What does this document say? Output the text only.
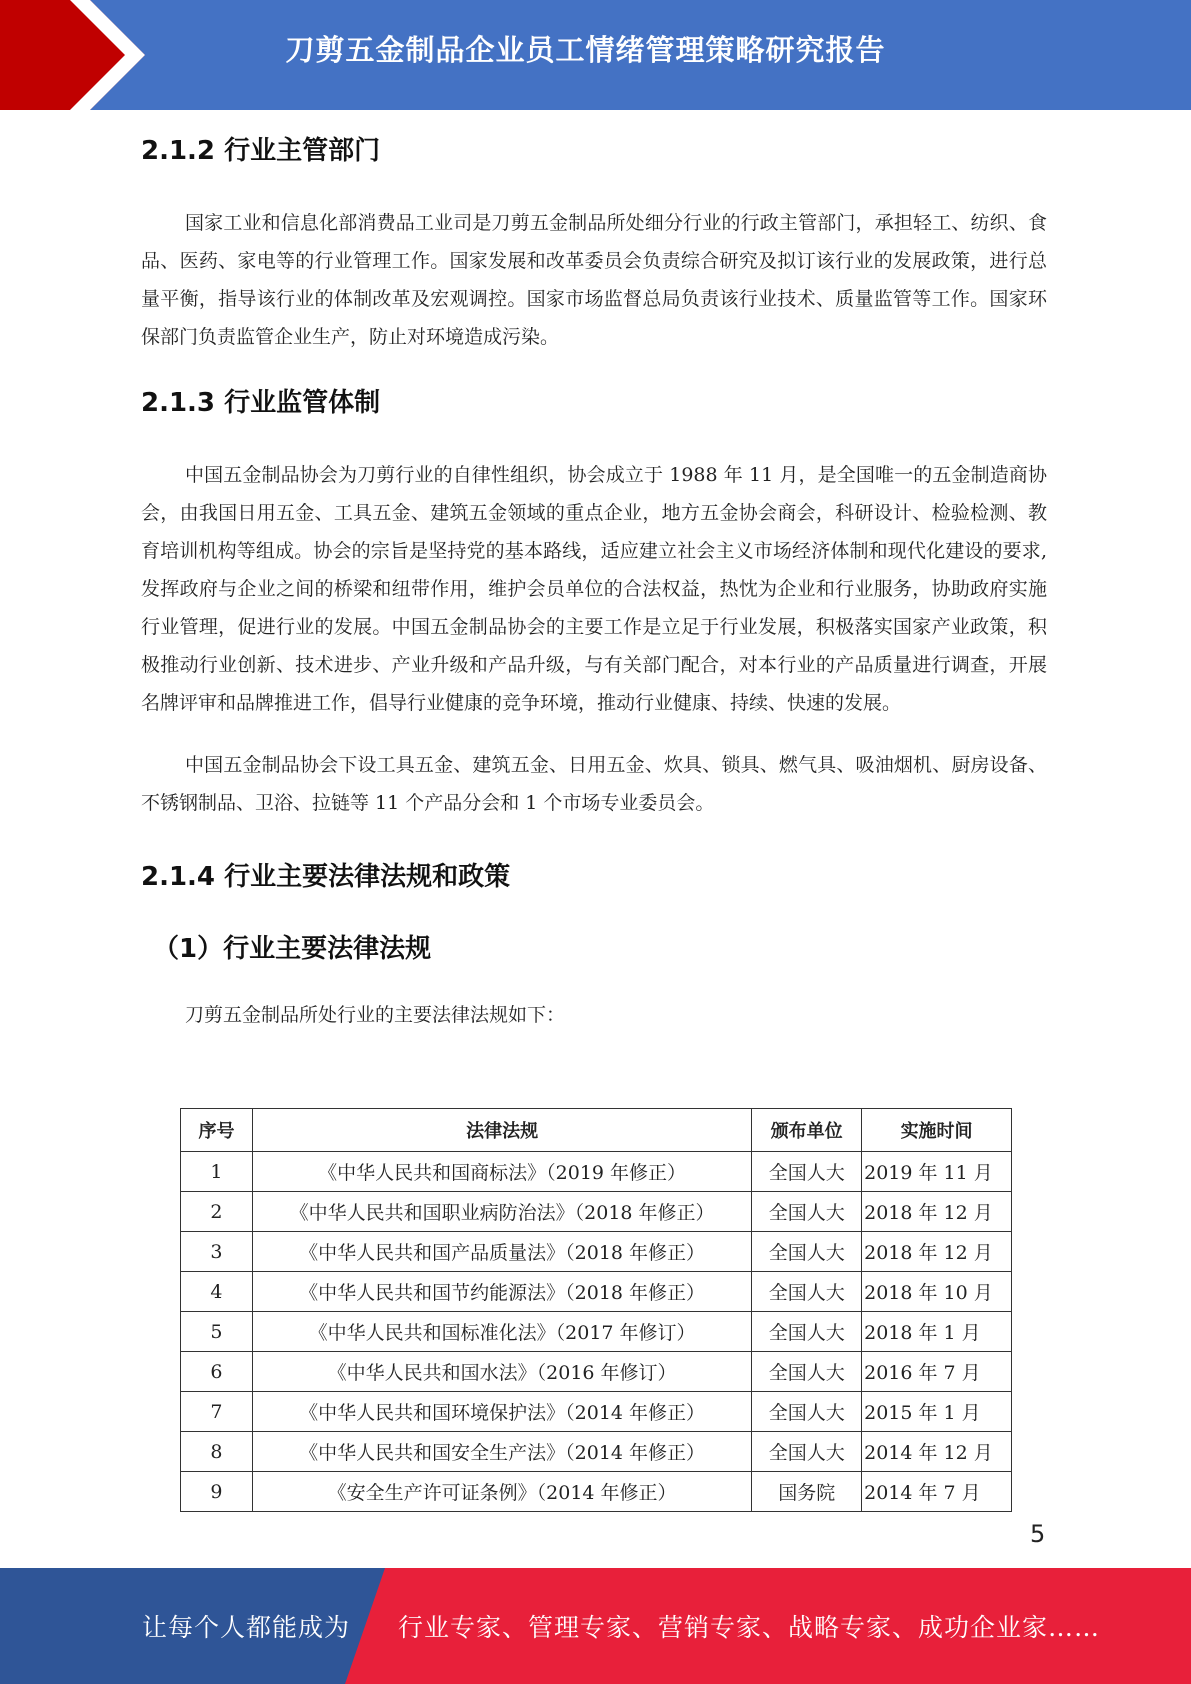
刀剪五金制品企业员工情绪管理策略研究报告
2.1.2 行业主管部门

国家工业和信息化部消费品工业司是刀剪五金制品所处细分行业的行政主管部门，承担轻工、纺织、食品、医药、家电等的行业管理工作。国家发展和改革委员会负责综合研究及拟订该行业的发展政策，进行总量平衡，指导该行业的体制改革及宏观调控。国家市场监督总局负责该行业技术、质量监管等工作。国家环保部门负责监管企业生产，防止对环境造成污染。

2.1.3 行业监管体制

中国五金制品协会为刀剪行业的自律性组织，协会成立于 1988 年 11 月，是全国唯一的五金制造商协会，由我国日用五金、工具五金、建筑五金领域的重点企业，地方五金协会商会，科研设计、检验检测、教育培训机构等组成。协会的宗旨是坚持党的基本路线，适应建立社会主义市场经济体制和现代化建设的要求,发挥政府与企业之间的桥梁和纽带作用，维护会员单位的合法权益，热忱为企业和行业服务，协助政府实施行业管理，促进行业的发展。中国五金制品协会的主要工作是立足于行业发展，积极落实国家产业政策，积极推动行业创新、技术进步、产业升级和产品升级，与有关部门配合，对本行业的产品质量进行调查，开展名牌评审和品牌推进工作，倡导行业健康的竞争环境，推动行业健康、持续、快速的发展。

中国五金制品协会下设工具五金、建筑五金、日用五金、炊具、锁具、燃气具、吸油烟机、厨房设备、不锈钢制品、卫浴、拉链等 11 个产品分会和 1 个市场专业委员会。

2.1.4 行业主要法律法规和政策
（1）行业主要法律法规

刀剪五金制品所处行业的主要法律法规如下：

序号	法律法规	颁布单位	实施时间
1	《中华人民共和国商标法》（2019 年修正）	全国人大	2019 年 11 月
2	《中华人民共和国职业病防治法》（2018 年修正）	全国人大	2018 年 12 月
3	《中华人民共和国产品质量法》（2018 年修正）	全国人大	2018 年 12 月
4	《中华人民共和国节约能源法》（2018 年修正）	全国人大	2018 年 10 月
5	《中华人民共和国标准化法》（2017 年修订）	全国人大	2018 年 1 月
6	《中华人民共和国水法》（2016 年修订）	全国人大	2016 年 7 月
7	《中华人民共和国环境保护法》（2014 年修正）	全国人大	2015 年 1 月
8	《中华人民共和国安全生产法》（2014 年修正）	全国人大	2014 年 12 月
9	《安全生产许可证条例》（2014 年修正）	国务院	2014 年 7 月
5
让每个人都能成为 行业专家、管理专家、营销专家、战略专家、成功企业家……
